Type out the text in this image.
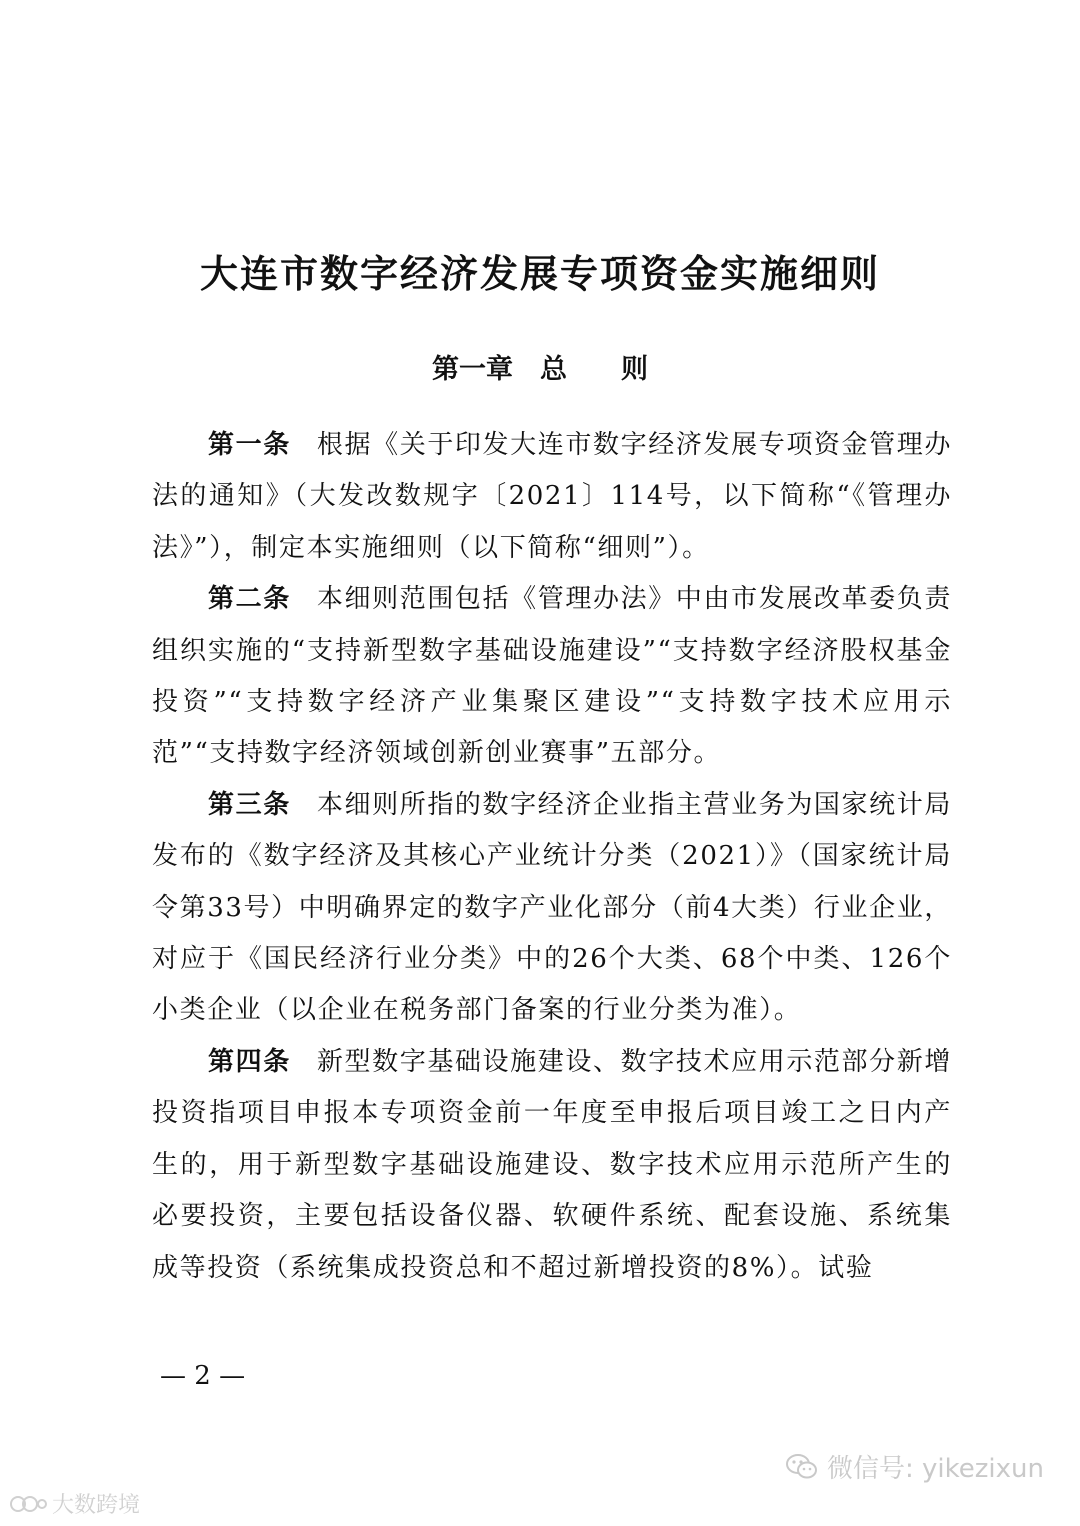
大连市数字经济发展专项资金实施细则
第一章　总　　则

第一条 根据《关于印发大连市数字经济发展专项资金管理办法的通知》（大发改数规字〔2021〕114号，以下简称“《管理办法》”），制定本实施细则（以下简称“细则”）。

第二条 本细则范围包括《管理办法》中由市发展改革委负责组织实施的“支持新型数字基础设施建设”“支持数字经济股权基金投资”“支持数字经济产业集聚区建设”“支持数字技术应用示范”“支持数字经济领域创新创业赛事”五部分。

第三条 本细则所指的数字经济企业指主营业务为国家统计局发布的《数字经济及其核心产业统计分类（2021）》（国家统计局令第33号）中明确界定的数字产业化部分（前4大类）行业企业，对应于《国民经济行业分类》中的26个大类、68个中类、126个小类企业（以企业在税务部门备案的行业分类为准）。

第四条 新型数字基础设施建设、数字技术应用示范部分新增投资指项目申报本专项资金前一年度至申报后项目竣工之日内产生的，用于新型数字基础设施建设、数字技术应用示范所产生的必要投资，主要包括设备仪器、软硬件系统、配套设施、系统集成等投资（系统集成投资总和不超过新增投资的8%）。试验

— 2 —
微信号: yikezixun
大数跨境
